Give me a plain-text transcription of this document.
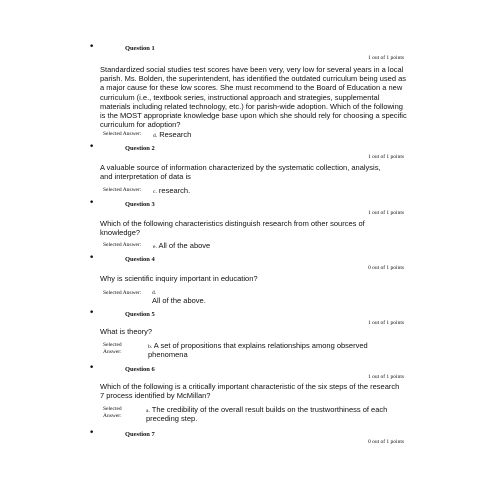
•	Question 1
1 out of 1 points
Standardized social studies test scores have been very, very low for several years in a local parish. Ms. Bolden, the superintendent, has identified the outdated curriculum being used as a major cause for these low scores. She must recommend to the Board of Education a new curriculum (i.e., textbook series, instructional approach and strategies, supplemental materials including related technology, etc.) for parish-wide adoption. Which of the following is the MOST appropriate knowledge base upon which she should rely for choosing a specific curriculum for adoption?
Selected Answer: d. Research
•	Question 2
1 out of 1 points
A valuable source of information characterized by the systematic collection, analysis, and interpretation of data is
Selected Answer: c. research.
•	Question 3
1 out of 1 points
Which of the following characteristics distinguish research from other sources of knowledge?
Selected Answer: e. All of the above
•	Question 4
0 out of 1 points
Why is scientific inquiry important in education?
Selected Answer: d.
All of the above.
•	Question 5
1 out of 1 points
What is theory?
Selected Answer:
b. A set of propositions that explains relationships among observed phenomena
•	Question 6
1 out of 1 points
Which of the following is a critically important characteristic of the six steps of the research 7 process identified by McMillan?
Selected Answer:
a. The credibility of the overall result builds on the trustworthiness of each preceding step.
•	Question 7
0 out of 1 points
